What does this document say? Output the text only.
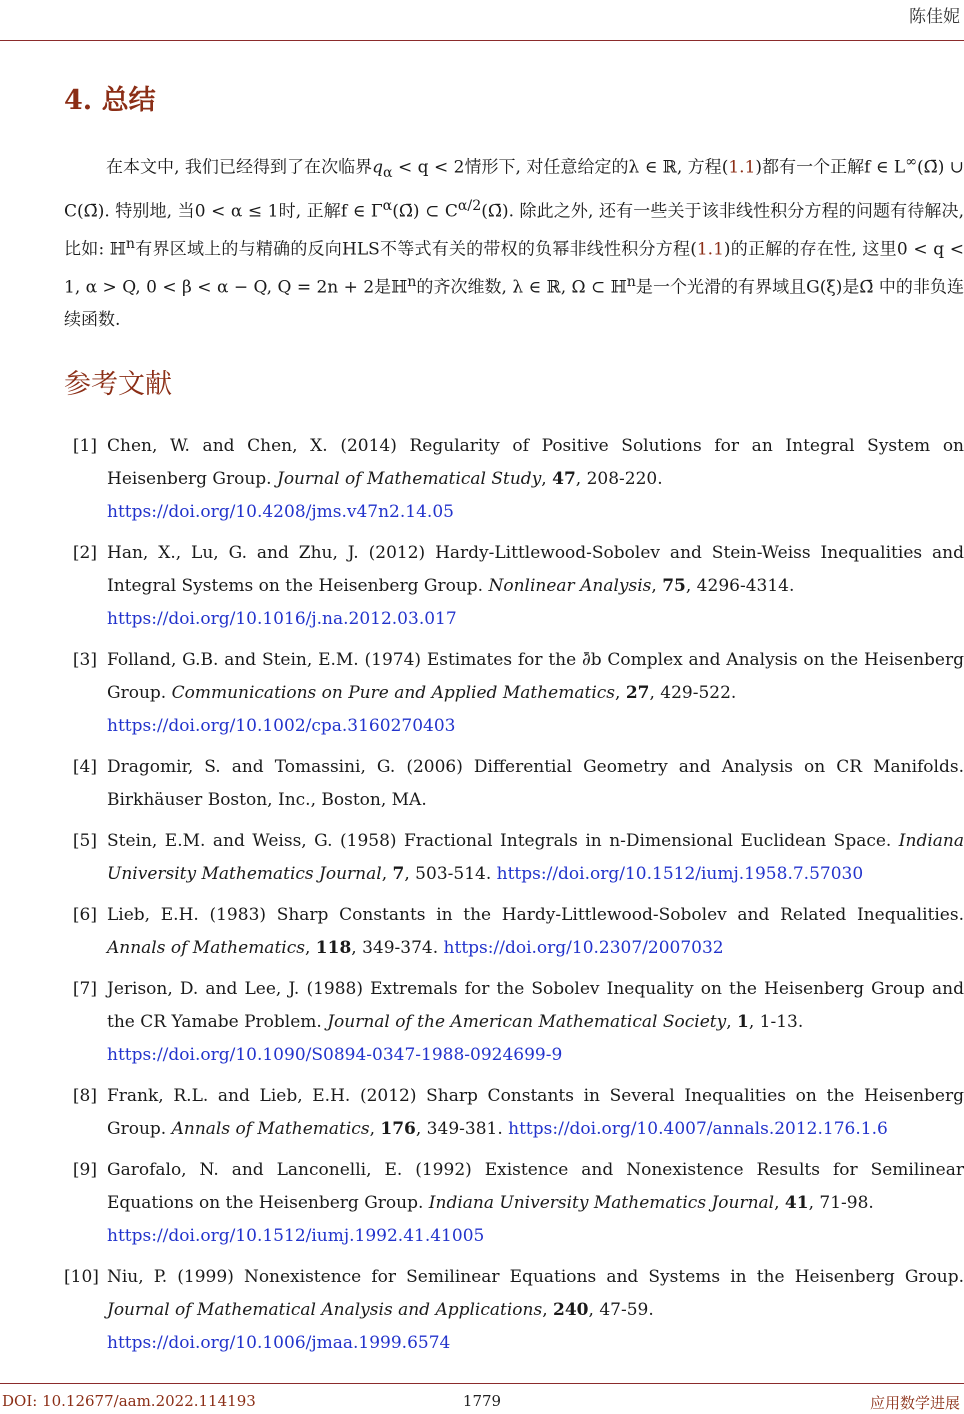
陈佳妮
4. 总结
在本文中, 我们已经得到了在次临界$q_\alpha < q < 2$情形下, 对任意给定的λ ∈ ℝ, 方程(1.1)都有一个正解f ∈ L∞(Ω̄) ∪ C(Ω̄). 特别地, 当0 < α ≤ 1时, 正解f ∈ $\Gamma^\alpha(\Omegā)$ ⊂ $C^{\alpha/2}(\Omegā)$. 除此之外, 还有一些关于该非线性积分方程的问题有待解决, 比如: ℍ$^n$有界区域上的与精确的反向HLS不等式有关的带权的负幂非线性积分方程(1.1)的正解的存在性, 这里0 < q < 1, α > Q, 0 < β < α − Q, Q = 2n + 2是ℍ$^n$的齐次维数, λ ∈ ℝ, Ω ⊂ ℍ$^n$是一个光滑的有界域且G(ξ)是Ω̄ 中的非负连续函数.
参考文献
[1] Chen, W. and Chen, X. (2014) Regularity of Positive Solutions for an Integral System on Heisenberg Group. Journal of Mathematical Study, 47, 208-220.
https://doi.org/10.4208/jms.v47n2.14.05
[2] Han, X., Lu, G. and Zhu, J. (2012) Hardy-Littlewood-Sobolev and Stein-Weiss Inequalities and Integral Systems on the Heisenberg Group. Nonlinear Analysis, 75, 4296-4314.
https://doi.org/10.1016/j.na.2012.03.017
[3] Folland, G.B. and Stein, E.M. (1974) Estimates for the ∂̄b Complex and Analysis on the Heisenberg Group. Communications on Pure and Applied Mathematics, 27, 429-522.
https://doi.org/10.1002/cpa.3160270403
[4] Dragomir, S. and Tomassini, G. (2006) Differential Geometry and Analysis on CR Manifolds. Birkhäuser Boston, Inc., Boston, MA.
[5] Stein, E.M. and Weiss, G. (1958) Fractional Integrals in n-Dimensional Euclidean Space. Indiana University Mathematics Journal, 7, 503-514. https://doi.org/10.1512/iumj.1958.7.57030
[6] Lieb, E.H. (1983) Sharp Constants in the Hardy-Littlewood-Sobolev and Related Inequalities. Annals of Mathematics, 118, 349-374. https://doi.org/10.2307/2007032
[7] Jerison, D. and Lee, J. (1988) Extremals for the Sobolev Inequality on the Heisenberg Group and the CR Yamabe Problem. Journal of the American Mathematical Society, 1, 1-13.
https://doi.org/10.1090/S0894-0347-1988-0924699-9
[8] Frank, R.L. and Lieb, E.H. (2012) Sharp Constants in Several Inequalities on the Heisenberg Group. Annals of Mathematics, 176, 349-381. https://doi.org/10.4007/annals.2012.176.1.6
[9] Garofalo, N. and Lanconelli, E. (1992) Existence and Nonexistence Results for Semilinear Equations on the Heisenberg Group. Indiana University Mathematics Journal, 41, 71-98.
https://doi.org/10.1512/iumj.1992.41.41005
[10] Niu, P. (1999) Nonexistence for Semilinear Equations and Systems in the Heisenberg Group. Journal of Mathematical Analysis and Applications, 240, 47-59.
https://doi.org/10.1006/jmaa.1999.6574
1779
DOI: 10.12677/aam.2022.114193	应用数学进展
